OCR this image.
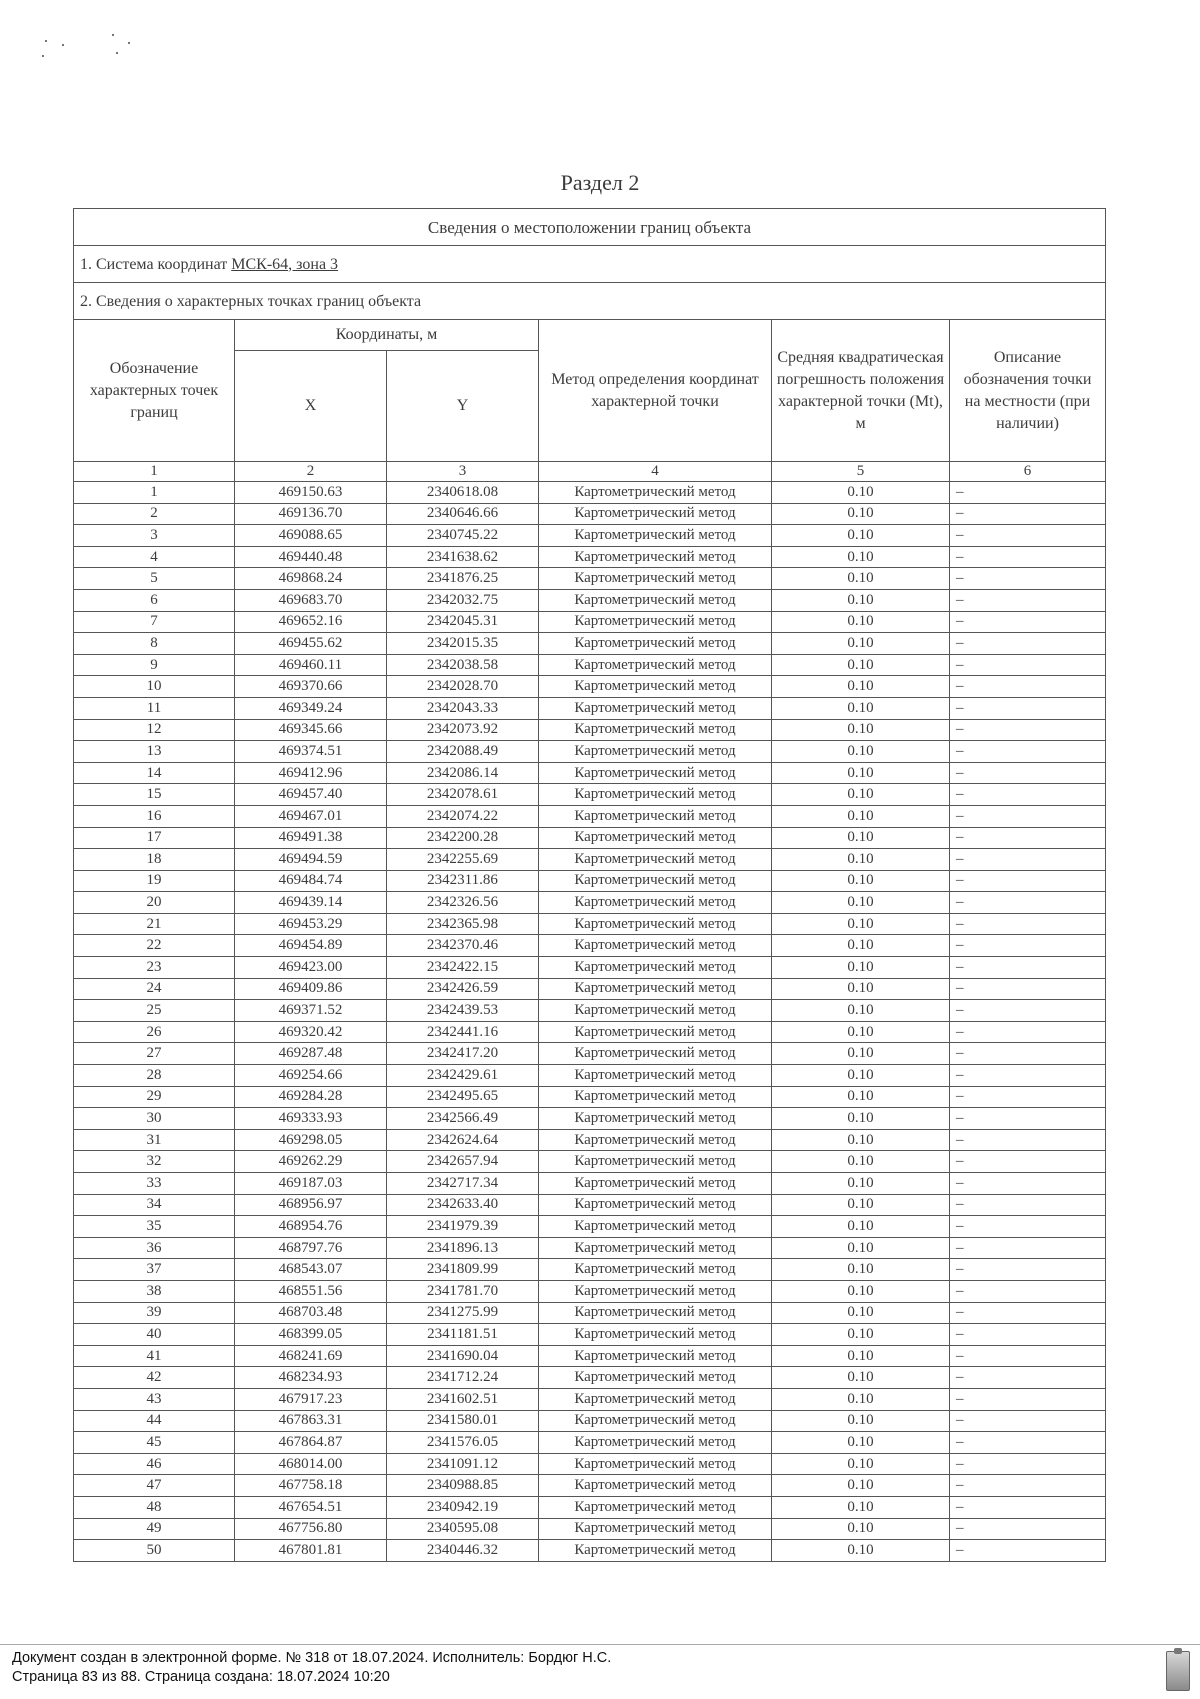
Раздел 2
Сведения о местоположении границ объекта					
1. Система координат МСК-64, зона 3					
2. Сведения о характерных точках границ объекта					
Обозначение характерных точек границ	Координаты, м		Метод определения координат характерной точки	Средняя квадратическая погрешность положения характерной точки (Mt), м	Описание обозначения точки на местности (при наличии)
	X	Y			
1	2	3	4	5	6
1	469150.63	2340618.08	Картометрический метод	0.10	–
2	469136.70	2340646.66	Картометрический метод	0.10	–
3	469088.65	2340745.22	Картометрический метод	0.10	–
4	469440.48	2341638.62	Картометрический метод	0.10	–
5	469868.24	2341876.25	Картометрический метод	0.10	–
6	469683.70	2342032.75	Картометрический метод	0.10	–
7	469652.16	2342045.31	Картометрический метод	0.10	–
8	469455.62	2342015.35	Картометрический метод	0.10	–
9	469460.11	2342038.58	Картометрический метод	0.10	–
10	469370.66	2342028.70	Картометрический метод	0.10	–
11	469349.24	2342043.33	Картометрический метод	0.10	–
12	469345.66	2342073.92	Картометрический метод	0.10	–
13	469374.51	2342088.49	Картометрический метод	0.10	–
14	469412.96	2342086.14	Картометрический метод	0.10	–
15	469457.40	2342078.61	Картометрический метод	0.10	–
16	469467.01	2342074.22	Картометрический метод	0.10	–
17	469491.38	2342200.28	Картометрический метод	0.10	–
18	469494.59	2342255.69	Картометрический метод	0.10	–
19	469484.74	2342311.86	Картометрический метод	0.10	–
20	469439.14	2342326.56	Картометрический метод	0.10	–
21	469453.29	2342365.98	Картометрический метод	0.10	–
22	469454.89	2342370.46	Картометрический метод	0.10	–
23	469423.00	2342422.15	Картометрический метод	0.10	–
24	469409.86	2342426.59	Картометрический метод	0.10	–
25	469371.52	2342439.53	Картометрический метод	0.10	–
26	469320.42	2342441.16	Картометрический метод	0.10	–
27	469287.48	2342417.20	Картометрический метод	0.10	–
28	469254.66	2342429.61	Картометрический метод	0.10	–
29	469284.28	2342495.65	Картометрический метод	0.10	–
30	469333.93	2342566.49	Картометрический метод	0.10	–
31	469298.05	2342624.64	Картометрический метод	0.10	–
32	469262.29	2342657.94	Картометрический метод	0.10	–
33	469187.03	2342717.34	Картометрический метод	0.10	–
34	468956.97	2342633.40	Картометрический метод	0.10	–
35	468954.76	2341979.39	Картометрический метод	0.10	–
36	468797.76	2341896.13	Картометрический метод	0.10	–
37	468543.07	2341809.99	Картометрический метод	0.10	–
38	468551.56	2341781.70	Картометрический метод	0.10	–
39	468703.48	2341275.99	Картометрический метод	0.10	–
40	468399.05	2341181.51	Картометрический метод	0.10	–
41	468241.69	2341690.04	Картометрический метод	0.10	–
42	468234.93	2341712.24	Картометрический метод	0.10	–
43	467917.23	2341602.51	Картометрический метод	0.10	–
44	467863.31	2341580.01	Картометрический метод	0.10	–
45	467864.87	2341576.05	Картометрический метод	0.10	–
46	468014.00	2341091.12	Картометрический метод	0.10	–
47	467758.18	2340988.85	Картометрический метод	0.10	–
48	467654.51	2340942.19	Картометрический метод	0.10	–
49	467756.80	2340595.08	Картометрический метод	0.10	–
50	467801.81	2340446.32	Картометрический метод	0.10	–
Документ создан в электронной форме. № 318 от 18.07.2024. Исполнитель: Бордюг Н.С.
Страница 83 из 88. Страница создана: 18.07.2024 10:20
